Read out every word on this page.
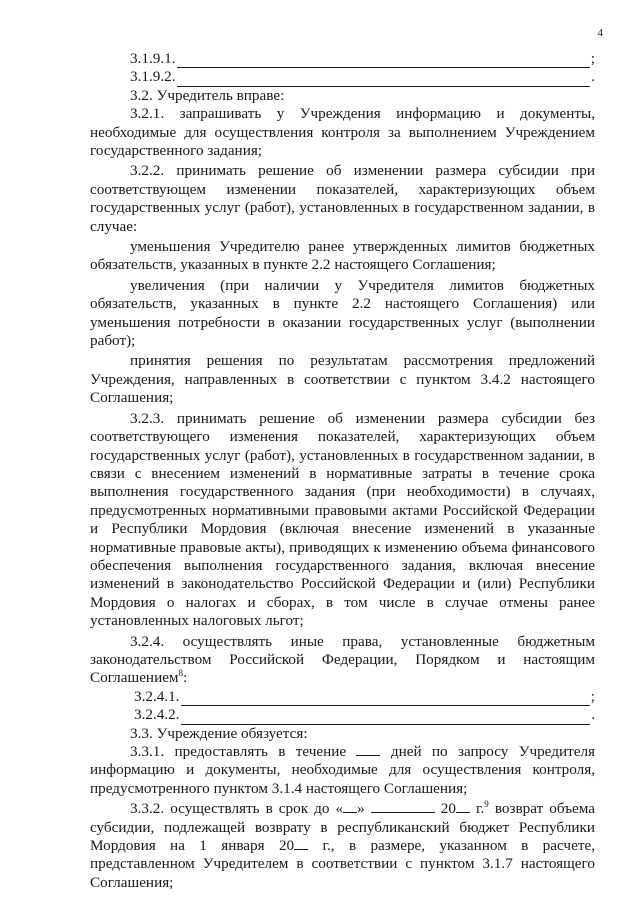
4
3.1.9.1.	;
3.1.9.2.	.

3.2. Учредитель вправе:

3.2.1. запрашивать у Учреждения информацию и документы, необходимые для осуществления контроля за выполнением Учреждением государственного задания;

3.2.2. принимать решение об изменении размера субсидии при соответствующем изменении показателей, характеризующих объем государственных услуг (работ), установленных в государственном задании, в случае:

уменьшения Учредителю ранее утвержденных лимитов бюджетных обязательств, указанных в пункте 2.2 настоящего Соглашения;

увеличения (при наличии у Учредителя лимитов бюджетных обязательств, указанных в пункте 2.2 настоящего Соглашения) или уменьшения потребности в оказании государственных услуг (выполнении работ);

принятия решения по результатам рассмотрения предложений Учреждения, направленных в соответствии с пунктом 3.4.2 настоящего Соглашения;

3.2.3. принимать решение об изменении размера субсидии без соответствующего изменения показателей, характеризующих объем государственных услуг (работ), установленных в государственном задании, в связи с внесением изменений в нормативные затраты в течение срока выполнения государственного задания (при необходимости) в случаях, предусмотренных нормативными правовыми актами Российской Федерации и Республики Мордовия (включая внесение изменений в указанные нормативные правовые акты), приводящих к изменению объема финансового обеспечения выполнения государственного задания, включая внесение изменений в законодательство Российской Федерации и (или) Республики Мордовия о налогах и сборах, в том числе в случае отмены ранее установленных налоговых льгот;

3.2.4. осуществлять иные права, установленные бюджетным законодательством Российской Федерации, Порядком и настоящим Соглашением$^8$:

3.2.4.1.	;
3.2.4.2.	.

3.3. Учреждение обязуется:

3.3.1. предоставлять в течение	дней по запросу Учредителя информацию и документы, необходимые для осуществления контроля, предусмотренного пунктом 3.1.4 настоящего Соглашения;

3.3.2. осуществлять в срок до « »	20 г.$^9$ возврат объема субсидии, подлежащей возврату в республиканский бюджет Республики Мордовия на 1 января 20 г., в размере, указанном в расчете, представленном Учредителем в соответствии с пунктом 3.1.7 настоящего Соглашения;
